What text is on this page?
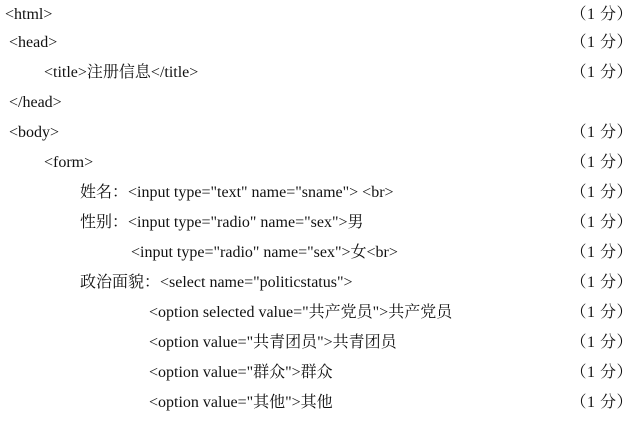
<html>	（1 分）
<head>	（1 分）
<title>注册信息</title>	（1 分）
</head>
<body>	（1 分）
<form>	（1 分）
姓名：<input type="text" name="sname"> <br>	（1 分）
性别：<input type="radio" name="sex">男	（1 分）
<input type="radio" name="sex">女<br>	（1 分）
政治面貌：<select name="politicstatus">	（1 分）
<option selected value="共产党员">共产党员	（1 分）
<option value="共青团员">共青团员	（1 分）
<option value="群众">群众	（1 分）
<option value="其他">其他	（1 分）
